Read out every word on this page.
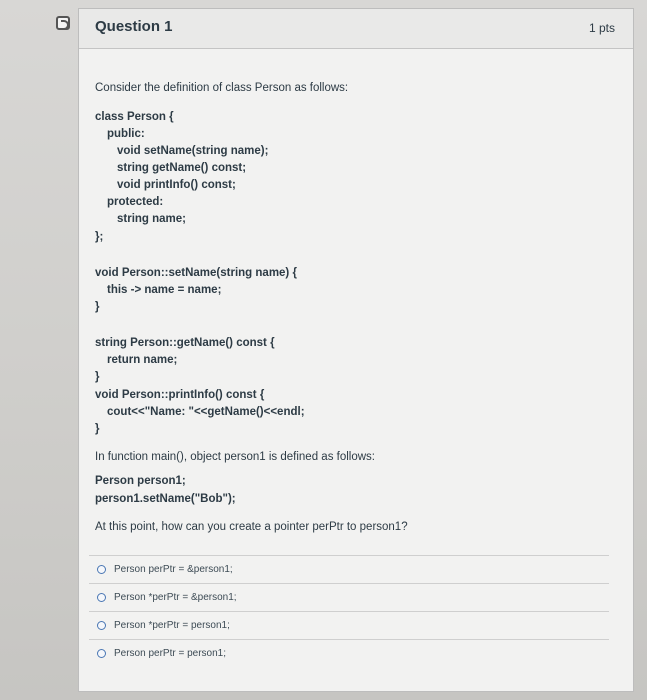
Question 1	1 pts
Consider the definition of class Person as follows:
class Person {
public:
void setName(string name);
string getName() const;
void printInfo() const;
protected:
string name;
};
void Person::setName(string name) {
this -> name = name;
}
string Person::getName() const {
return name;
}
void Person::printInfo() const {
cout<<"Name: "<<getName()<<endl;
}
In function main(), object person1 is defined as follows:
Person person1;
person1.setName("Bob");
At this point, how can you create a pointer perPtr to person1?
Person perPtr = &person1;
Person *perPtr = &person1;
Person *perPtr = person1;
Person perPtr = person1;
